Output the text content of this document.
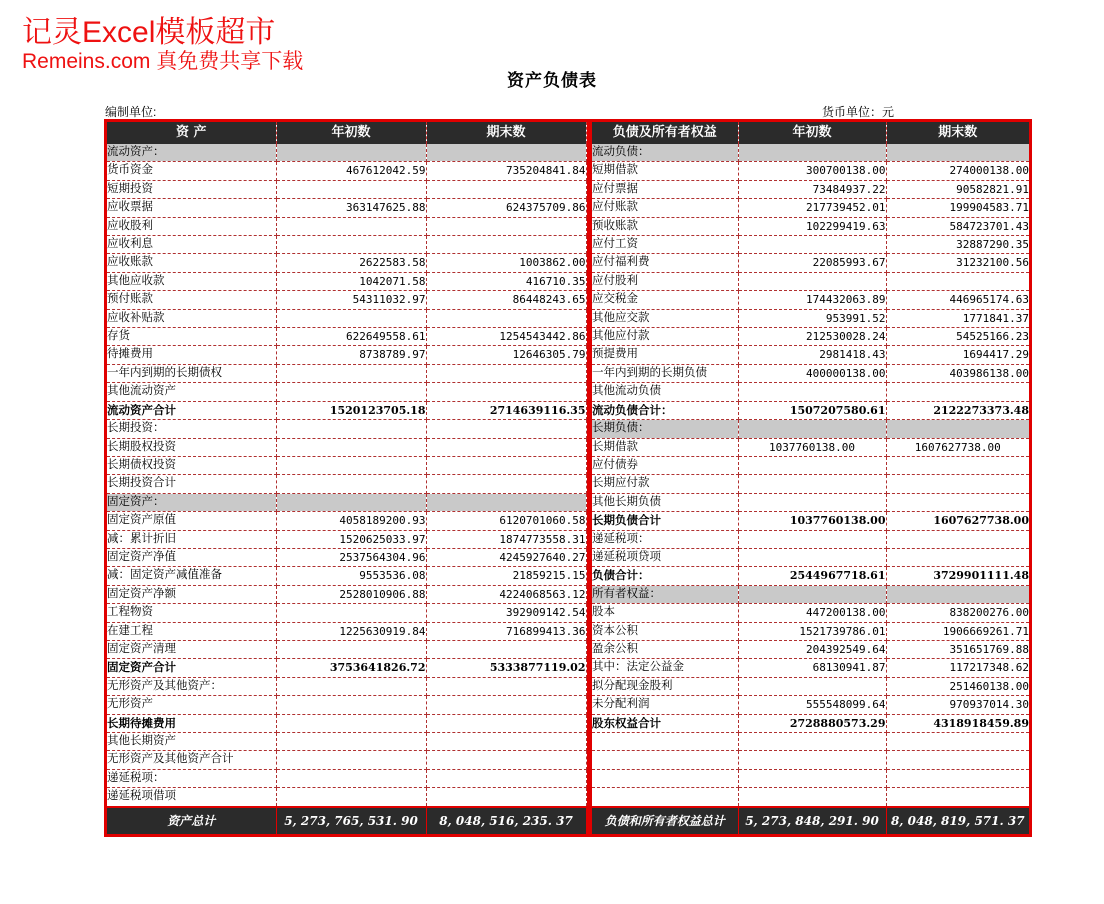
记灵Excel模板超市
Remeins.com 真免费共享下载
资产负债表
编制单位:	货币单位：元
资 产	年初数	期末数		负债及所有者权益	年初数	期末数
流动资产：				流动负债：		
货币资金	467612042.59	735204841.84		短期借款	300700138.00	274000138.00
短期投资				应付票据	73484937.22	90582821.91
应收票据	363147625.88	624375709.86		应付账款	217739452.01	199904583.71
应收股利				预收账款	102299419.63	584723701.43
应收利息				应付工资		32887290.35
应收账款	2622583.58	1003862.00		应付福利费	22085993.67	31232100.56
其他应收款	1042071.58	416710.35		应付股利		
预付账款	54311032.97	86448243.65		应交税金	174432063.89	446965174.63
应收补贴款				其他应交款	953991.52	1771841.37
存货	622649558.61	1254543442.86		其他应付款	212530028.24	54525166.23
待摊费用	8738789.97	12646305.79		预提费用	2981418.43	1694417.29
一年内到期的长期债权				一年内到期的长期负债	400000138.00	403986138.00
其他流动资产				其他流动负债		
流动资产合计	1520123705.18	2714639116.35		流动负债合计：	1507207580.61	2122273373.48
长期投资：				长期负债：		
长期股权投资				长期借款	1037760138.00	1607627738.00
长期债权投资				应付债券		
长期投资合计				长期应付款		
固定资产：				其他长期负债		
固定资产原值	4058189200.93	6120701060.58		长期负债合计	1037760138.00	1607627738.00
减：累计折旧	1520625033.97	1874773558.31		递延税项：		
固定资产净值	2537564304.96	4245927640.27		递延税项贷项		
减：固定资产减值准备	9553536.08	21859215.15		负债合计：	2544967718.61	3729901111.48
固定资产净额	2528010906.88	4224068563.12		所有者权益：		
工程物资		392909142.54		股本	447200138.00	838200276.00
在建工程	1225630919.84	716899413.36		资本公积	1521739786.01	1906669261.71
固定资产清理				盈余公积	204392549.64	351651769.88
固定资产合计	3753641826.72	5333877119.02		其中：法定公益金	68130941.87	117217348.62
无形资产及其他资产：				拟分配现金股利		251460138.00
无形资产				未分配利润	555548099.64	970937014.30
长期待摊费用				股东权益合计	2728880573.29	4318918459.89
其他长期资产						
无形资产及其他资产合计						
递延税项：						
递延税项借项						
资产总计	5, 273, 765, 531. 90	8, 048, 516, 235. 37		负债和所有者权益总计	5, 273, 848, 291. 90	8, 048, 819, 571. 37
